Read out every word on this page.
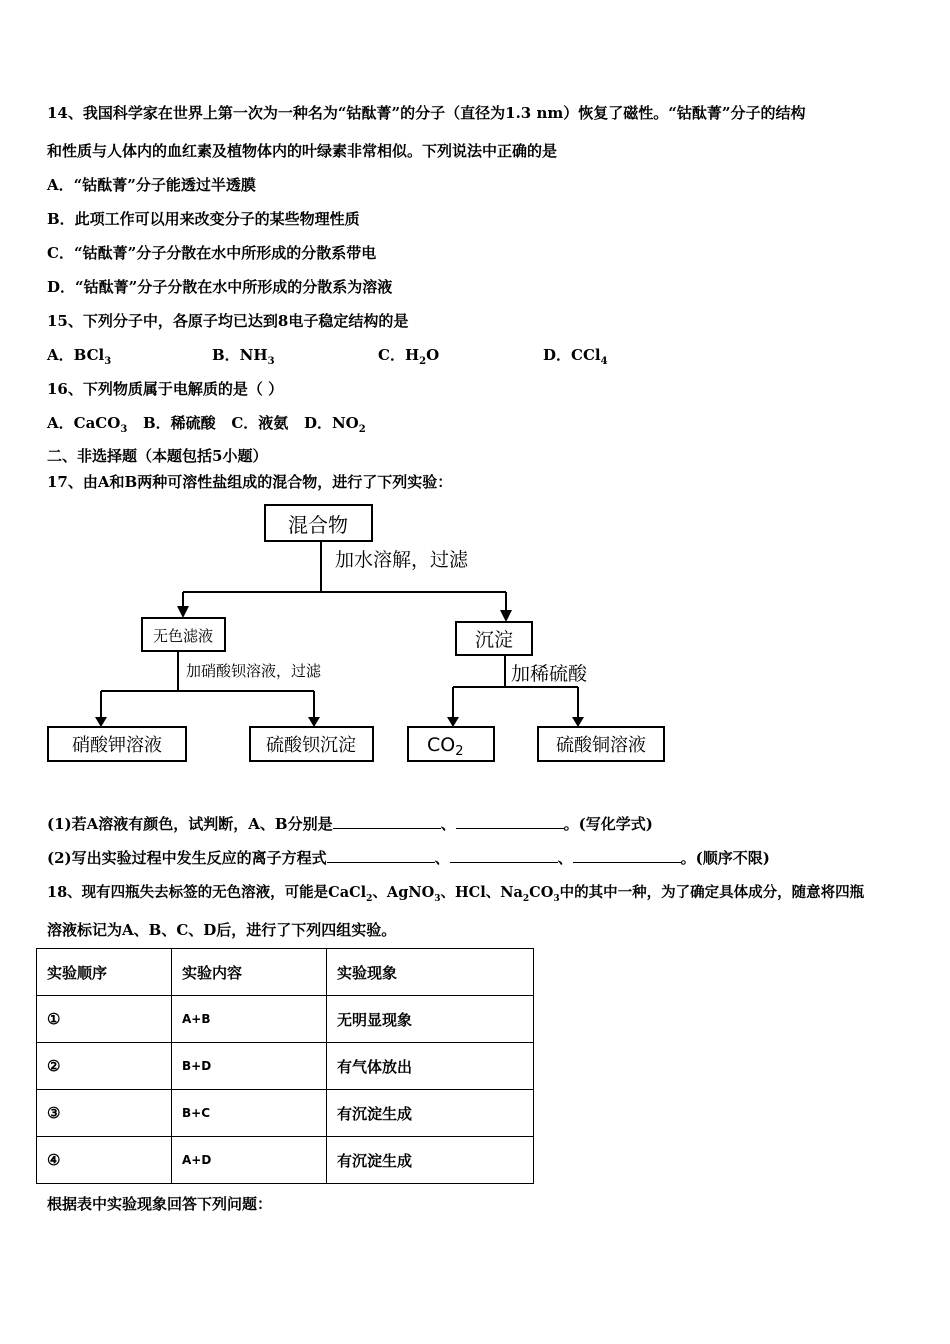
14、我国科学家在世界上第一次为一种名为“钴酞菁”的分子（直径为1.3 nm）恢复了磁性。“钴酞菁”分子的结构
和性质与人体内的血红素及植物体内的叶绿素非常相似。下列说法中正确的是
A．“钴酞菁”分子能透过半透膜
B．此项工作可以用来改变分子的某些物理性质
C．“钴酞菁”分子分散在水中所形成的分散系带电
D．“钴酞菁”分子分散在水中所形成的分散系为溶液
15、下列分子中，各原子均已达到8电子稳定结构的是
A．BCl$_3$	B．$NH_3$	C．$H_2O$	D．CCl$_4$
16、下列物质属于电解质的是（ ）
A．CaCO$_3$ B．稀硫酸 C．液氨 D．$NO_2$
二、非选择题（本题包括5小题）
17、由A和B两种可溶性盐组成的混合物，进行了下列实验：
混合物
加水溶解，过滤
无色滤液	沉淀
加硝酸钡溶液，过滤	加稀硫酸
硝酸钾溶液	硫酸钡沉淀	$CO_2$	硫酸铜溶液
(1)若A溶液有颜色，试判断，A、B分别是	、	。(写化学式)
(2)写出实验过程中发生反应的离子方程式	、	、	。(顺序不限)
18、现有四瓶失去标签的无色溶液，可能是CaCl$_2$、AgNO$_3$、HCl、$Na_2CO_3$中的其中一种，为了确定具体成分，随意将四瓶
溶液标记为A、B、C、D后，进行了下列四组实验。
实验顺序	实验内容	实验现象
①	A+B	无明显现象
②	B+D	有气体放出
③	B+C	有沉淀生成
④	A+D	有沉淀生成
根据表中实验现象回答下列问题：
